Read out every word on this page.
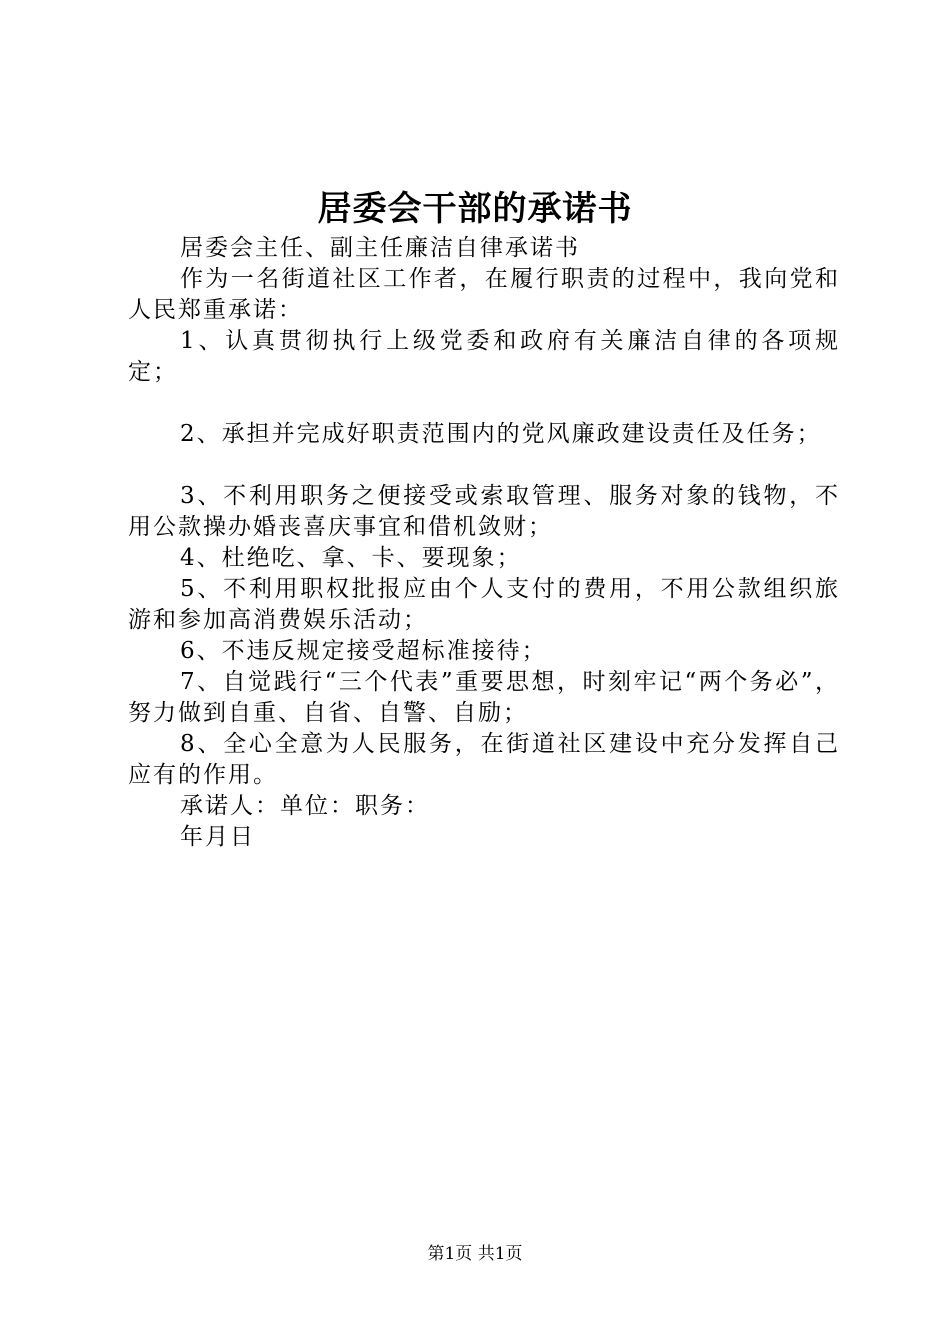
居委会干部的承诺书

居委会主任、副主任廉洁自律承诺书

作为一名街道社区工作者，在履行职责的过程中，我向党和人民郑重承诺：

1、认真贯彻执行上级党委和政府有关廉洁自律的各项规定；

2、承担并完成好职责范围内的党风廉政建设责任及任务；

3、不利用职务之便接受或索取管理、服务对象的钱物，不用公款操办婚丧喜庆事宜和借机敛财；

4、杜绝吃、拿、卡、要现象；

5、不利用职权批报应由个人支付的费用，不用公款组织旅游和参加高消费娱乐活动；

6、不违反规定接受超标准接待；

7、自觉践行“三个代表”重要思想，时刻牢记“两个务必”，努力做到自重、自省、自警、自励；

8、全心全意为人民服务，在街道社区建设中充分发挥自己应有的作用。

承诺人：单位：职务：

年月日

第1页 共1页
